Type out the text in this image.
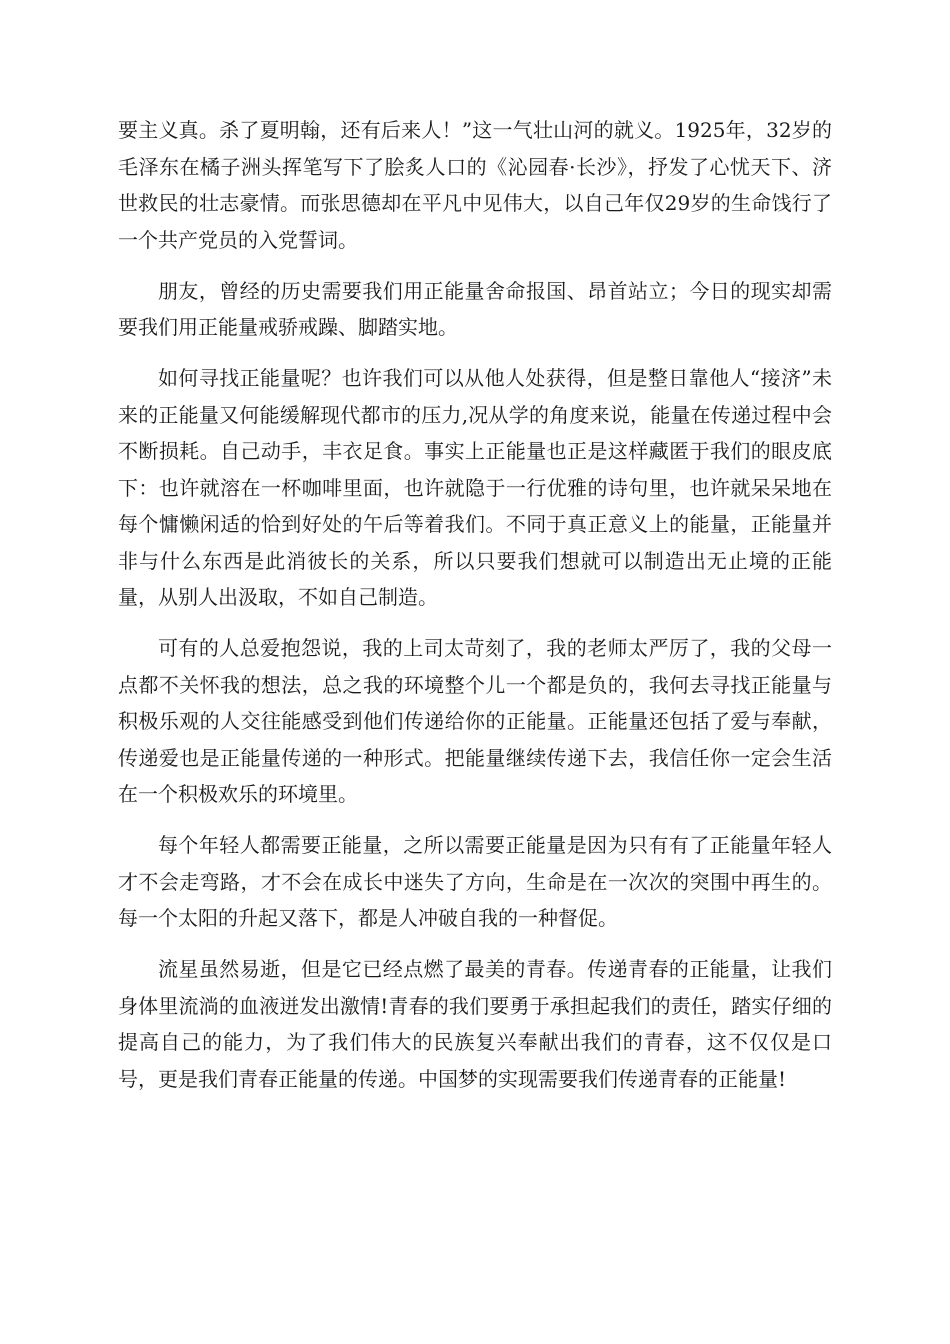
要主义真。杀了夏明翰，还有后来人！”这一气壮山河的就义。1925年，32岁的毛泽东在橘子洲头挥笔写下了脍炙人口的《沁园春·长沙》，抒发了心忧天下、济世救民的壮志豪情。而张思德却在平凡中见伟大，以自己年仅29岁的生命饯行了一个共产党员的入党誓词。

朋友，曾经的历史需要我们用正能量舍命报国、昂首站立；今日的现实却需要我们用正能量戒骄戒躁、脚踏实地。

如何寻找正能量呢？也许我们可以从他人处获得，但是整日靠他人“接济”未来的正能量又何能缓解现代都市的压力,况从学的角度来说，能量在传递过程中会不断损耗。自己动手，丰衣足食。事实上正能量也正是这样藏匿于我们的眼皮底下：也许就溶在一杯咖啡里面，也许就隐于一行优雅的诗句里，也许就呆呆地在每个慵懒闲适的恰到好处的午后等着我们。不同于真正意义上的能量，正能量并非与什么东西是此消彼长的关系，所以只要我们想就可以制造出无止境的正能量，从别人出汲取，不如自己制造。

可有的人总爱抱怨说，我的上司太苛刻了，我的老师太严厉了，我的父母一点都不关怀我的想法，总之我的环境整个儿一个都是负的，我何去寻找正能量与积极乐观的人交往能感受到他们传递给你的正能量。正能量还包括了爱与奉献，传递爱也是正能量传递的一种形式。把能量继续传递下去，我信任你一定会生活在一个积极欢乐的环境里。

每个年轻人都需要正能量，之所以需要正能量是因为只有有了正能量年轻人才不会走弯路，才不会在成长中迷失了方向，生命是在一次次的突围中再生的。每一个太阳的升起又落下，都是人冲破自我的一种督促。

流星虽然易逝，但是它已经点燃了最美的青春。传递青春的正能量，让我们身体里流淌的血液迸发出激情!青春的我们要勇于承担起我们的责任，踏实仔细的提高自己的能力，为了我们伟大的民族复兴奉献出我们的青春，这不仅仅是口号，更是我们青春正能量的传递。中国梦的实现需要我们传递青春的正能量!
